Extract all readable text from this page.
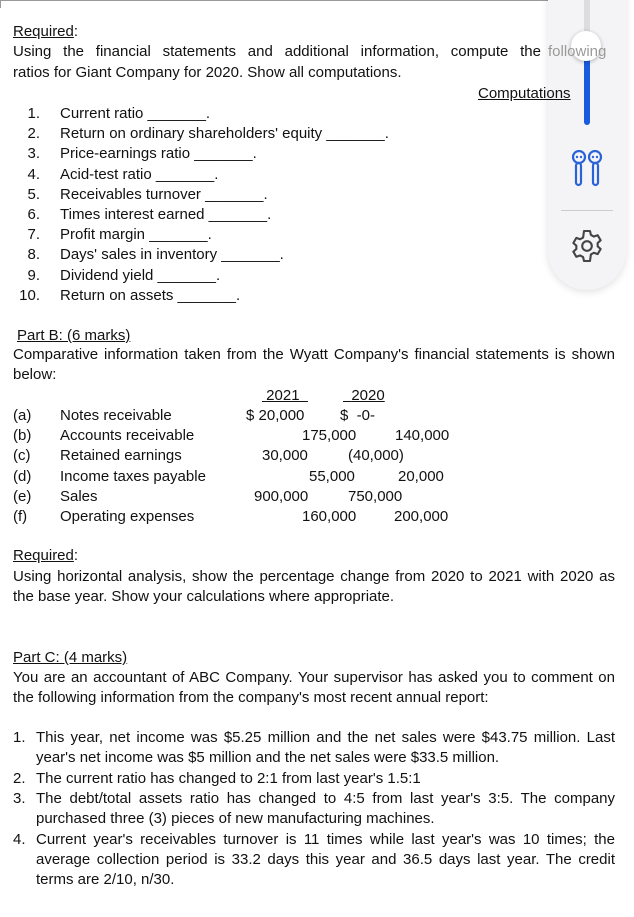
Required:
Using the financial statements and additional information, compute the following
ratios for Giant Company for 2020. Show all computations.
Computations
1. Current ratio _______.
2. Return on ordinary shareholders' equity _______.
3. Price-earnings ratio _______.
4. Acid-test ratio _______.
5. Receivables turnover _______.
6. Times interest earned _______.
7. Profit margin _______.
8. Days' sales in inventory _______.
9. Dividend yield _______.
10. Return on assets _______.
Part B: (6 marks)
Comparative information taken from the Wyatt Company's financial statements is shown below:
2021	2020
(a) Notes receivable	$ 20,000 $  -0-
(b) Accounts receivable	175,000	140,000
(c) Retained earnings	30,000	(40,000)
(d) Income taxes payable	55,000	20,000
(e) Sales	900,000	750,000
(f) Operating expenses	160,000	200,000
Required:
Using horizontal analysis, show the percentage change from 2020 to 2021 with 2020 as the base year. Show your calculations where appropriate.
Part C: (4 marks)
You are an accountant of ABC Company. Your supervisor has asked you to comment on the following information from the company's most recent annual report:
1. This year, net income was $5.25 million and the net sales were $43.75 million. Last year's net income was $5 million and the net sales were $33.5 million.
2. The current ratio has changed to 2:1 from last year's 1.5:1
3. The debt/total assets ratio has changed to 4:5 from last year's 3:5. The company purchased three (3) pieces of new manufacturing machines.
4. Current year's receivables turnover is 11 times while last year's was 10 times; the average collection period is 33.2 days this year and 36.5 days last year. The credit terms are 2/10, n/30.
